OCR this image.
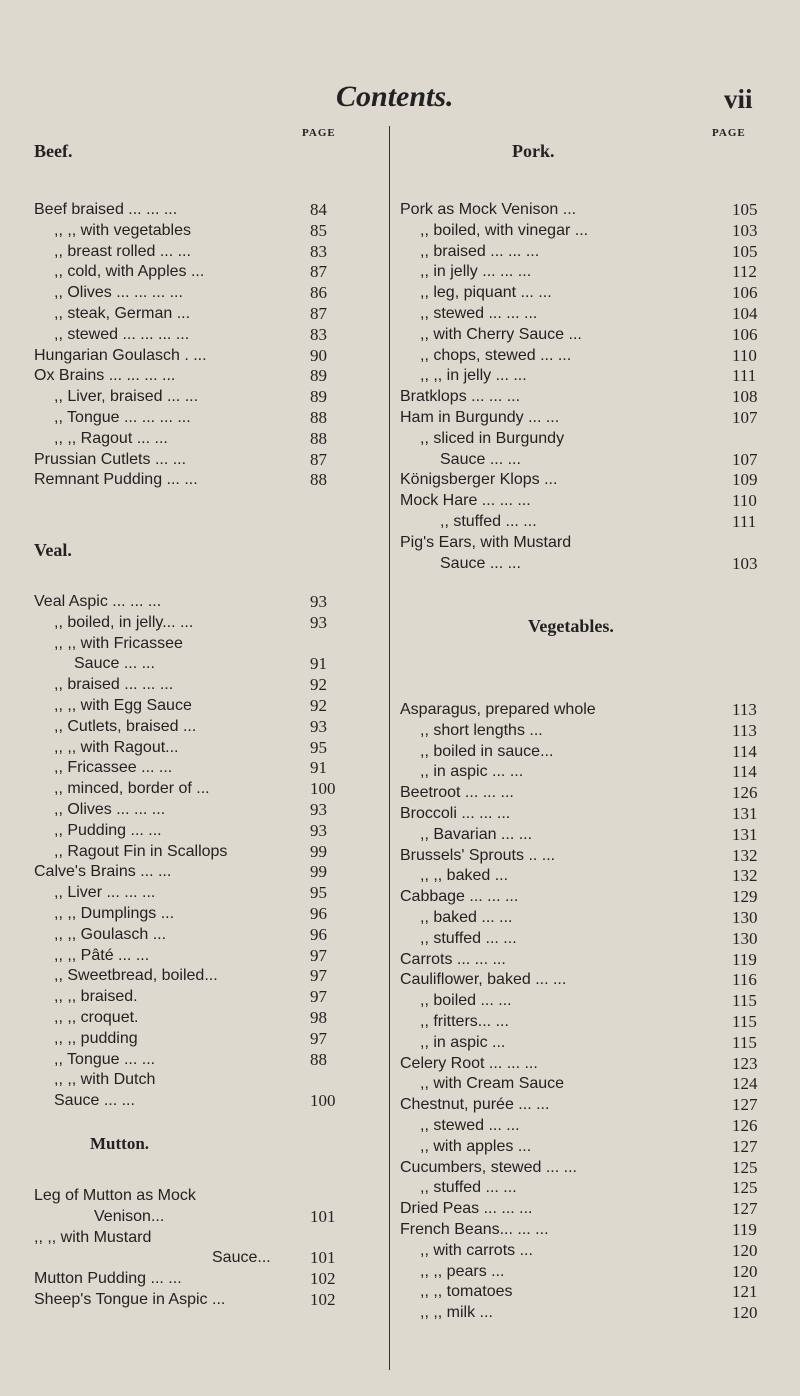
Contents.	vii
PAGE	PAGE
Beef.
Beef braised ... ... ...	84
,, ,, with vegetables	85
,, breast rolled ... ...	83
,, cold, with Apples ...	87
,, Olives ... ... ... ...	86
,, steak, German ...	87
,, stewed ... ... ... ...	83
Hungarian Goulasch . ...	90
Ox Brains ... ... ... ...	89
,, Liver, braised ... ...	89
,, Tongue ... ... ... ...	88
,, ,, Ragout ... ...	88
Prussian Cutlets ... ...	87
Remnant Pudding ... ...	88
Veal.
Veal Aspic ... ... ...	93
,, boiled, in jelly... ...	93
,, ,, with Fricassee
Sauce ... ...	91
,, braised ... ... ...	92
,, ,, with Egg Sauce	92
,, Cutlets, braised ...	93
,, ,, with Ragout...	95
,, Fricassee ... ...	91
,, minced, border of ...	100
,, Olives ... ... ...	93
,, Pudding ... ...	93
,, Ragout Fin in Scallops	99
Calve's Brains ... ...	99
,, Liver ... ... ...	95
,, ,, Dumplings ...	96
,, ,, Goulasch ...	96
,, ,, Pâté ... ...	97
,, Sweetbread, boiled...	97
,, ,, braised.	97
,, ,, croquet.	98
,, ,, pudding	97
,, Tongue ... ...	88
,, ,, with Dutch
Sauce ... ...	100
Mutton.
Leg of Mutton as Mock
Venison...	101
,, ,, with Mustard
Sauce... 101
Mutton Pudding ... ...	102
Sheep's Tongue in Aspic ...	102
Pork.
Pork as Mock Venison ...	105
,, boiled, with vinegar ...	103
,, braised ... ... ...	105
,, in jelly ... ... ...	112
,, leg, piquant ... ...	106
,, stewed ... ... ...	104
,, with Cherry Sauce ...	106
,, chops, stewed ... ...	110
,, ,, in jelly ... ...	111
Bratklops ... ... ...	108
Ham in Burgundy ... ...	107
,, sliced in Burgundy
Sauce ... ...	107
Königsberger Klops ...	109
Mock Hare ... ... ...	110
,, stuffed ... ...	111
Pig's Ears, with Mustard
Sauce ... ...	103
Vegetables.
Asparagus, prepared whole	113
,, short lengths ...	113
,, boiled in sauce...	114
,, in aspic ... ...	114
Beetroot ... ... ...	126
Broccoli ... ... ...	131
,, Bavarian ... ...	131
Brussels' Sprouts .. ...	132
,, ,, baked ...	132
Cabbage ... ... ...	129
,, baked ... ...	130
,, stuffed ... ...	130
Carrots ... ... ...	119
Cauliflower, baked ... ...	116
,, boiled ... ...	115
,, fritters... ...	115
,, in aspic ...	115
Celery Root ... ... ...	123
,, with Cream Sauce	124
Chestnut, purée ... ...	127
,, stewed ... ...	126
,, with apples ...	127
Cucumbers, stewed ... ...	125
,, stuffed ... ...	125
Dried Peas ... ... ...	127
French Beans... ... ...	119
,, with carrots ...	120
,, ,, pears ...	120
,, ,, tomatoes	121
,, ,, milk ...	120
